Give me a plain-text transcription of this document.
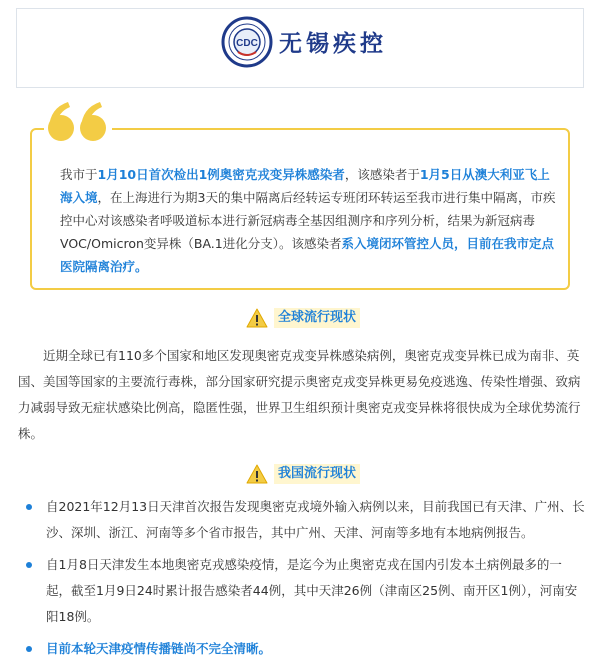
CDC 无锡疾控
我市于1月10日首次检出1例奥密克戎变异株感染者，该感染者于1月5日从澳大利亚飞上海入境，在上海进行为期3天的集中隔离后经转运专班闭环转运至我市进行集中隔离，市疾控中心对该感染者呼吸道标本进行新冠病毒全基因组测序和序列分析，结果为新冠病毒VOC/Omicron变异株（BA.1进化分支）。该感染者系入境闭环管控人员，目前在我市定点医院隔离治疗。
全球流行现状
近期全球已有110多个国家和地区发现奥密克戎变异株感染病例，奥密克戎变异株已成为南非、英国、美国等国家的主要流行毒株，部分国家研究提示奥密克戎变异株更易免疫逃逸、传染性增强、致病力减弱导致无症状感染比例高，隐匿性强，世界卫生组织预计奥密克戎变异株将很快成为全球优势流行株。
我国流行现状
自2021年12月13日天津首次报告发现奥密克戎境外输入病例以来，目前我国已有天津、广州、长沙、深圳、浙江、河南等多个省市报告，其中广州、天津、河南等多地有本地病例报告。
自1月8日天津发生本地奥密克戎感染疫情，是迄今为止奥密克戎在国内引发本土病例最多的一起，截至1月9日24时累计报告感染者44例，其中天津26例（津南区25例、南开区1例），河南安阳18例。
目前本轮天津疫情传播链尚不完全清晰。
